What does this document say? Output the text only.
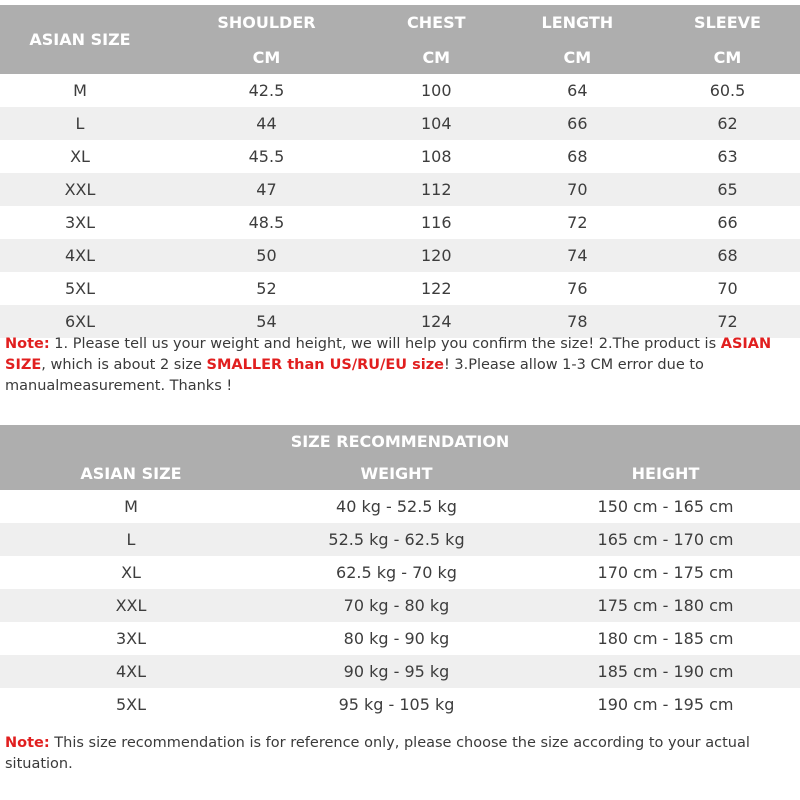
ASIAN SIZE	SHOULDER	CHEST	LENGTH	SLEEVE
	CM	CM	CM	CM
M	42.5	100	64	60.5
L	44	104	66	62
XL	45.5	108	68	63
XXL	47	112	70	65
3XL	48.5	116	72	66
4XL	50	120	74	68
5XL	52	122	76	70
6XL	54	124	78	72

Note: 1. Please tell us your weight and height, we will help you confirm the size! 2.The product is ASIAN SIZE, which is about 2 size SMALLER than US/RU/EU size! 3.Please allow 1-3 CM error due to manualmeasurement. Thanks !

SIZE RECOMMENDATION		
ASIAN SIZE	WEIGHT	HEIGHT
M	40 kg - 52.5 kg	150 cm - 165 cm
L	52.5 kg - 62.5 kg	165 cm - 170 cm
XL	62.5 kg - 70 kg	170 cm - 175 cm
XXL	70 kg - 80 kg	175 cm - 180 cm
3XL	80 kg - 90 kg	180 cm - 185 cm
4XL	90 kg - 95 kg	185 cm - 190 cm
5XL	95 kg - 105 kg	190 cm - 195 cm

Note: This size recommendation is for reference only, please choose the size according to your actual situation.
